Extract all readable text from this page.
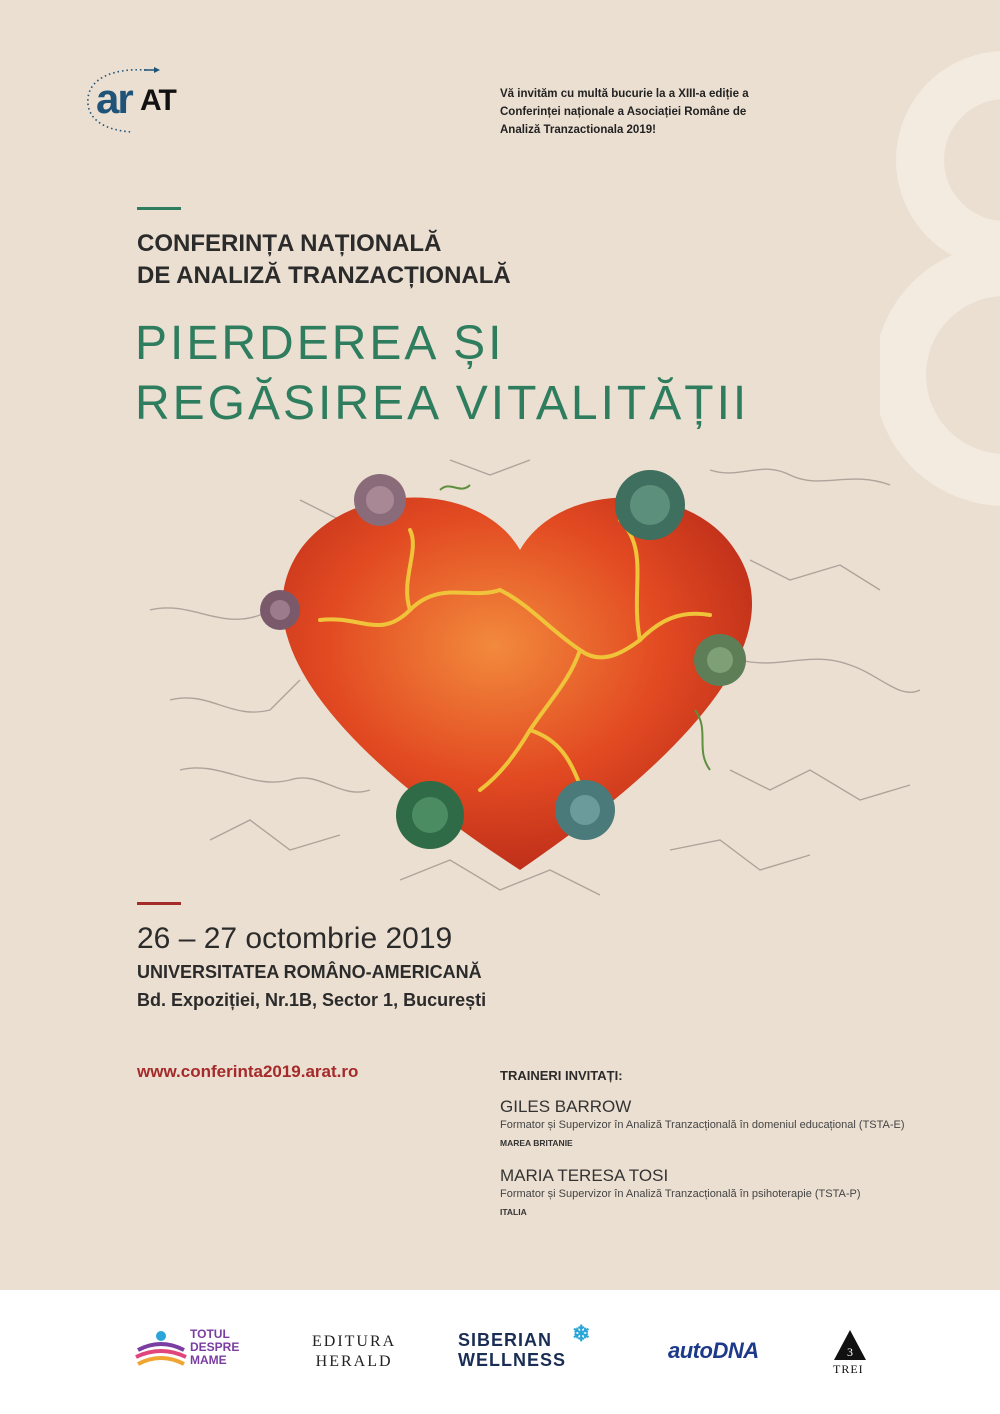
ar AT	Vă invităm cu multă bucurie la a XIII-a ediție a
Conferinței naționale a Asociației Române de
Analiză Tranzactionala 2019!
CONFERINȚA NAȚIONALĂ
DE ANALIZĂ TRANZACȚIONALĂ
PIERDEREA ȘI
REGĂSIREA VITALITĂȚII
26 – 27 octombrie 2019
UNIVERSITATEA ROMÂNO-AMERICANĂ
Bd. Expoziției, Nr.1B, Sector 1, București
www.conferinta2019.arat.ro	TRAINERI INVITAȚI:
GILES BARROW
Formator și Supervizor în Analiză Tranzacțională în domeniul educațional (TSTA-E)
MAREA BRITANIE
MARIA TERESA TOSI
Formator și Supervizor în Analiză Tranzacțională în psihoterapie (TSTA-P)
ITALIA
TOTUL
DESPRE
MAME
EDITURA
HERALD
SIBERIAN
WELLNESS
❄
autoDNA	3
TREI
